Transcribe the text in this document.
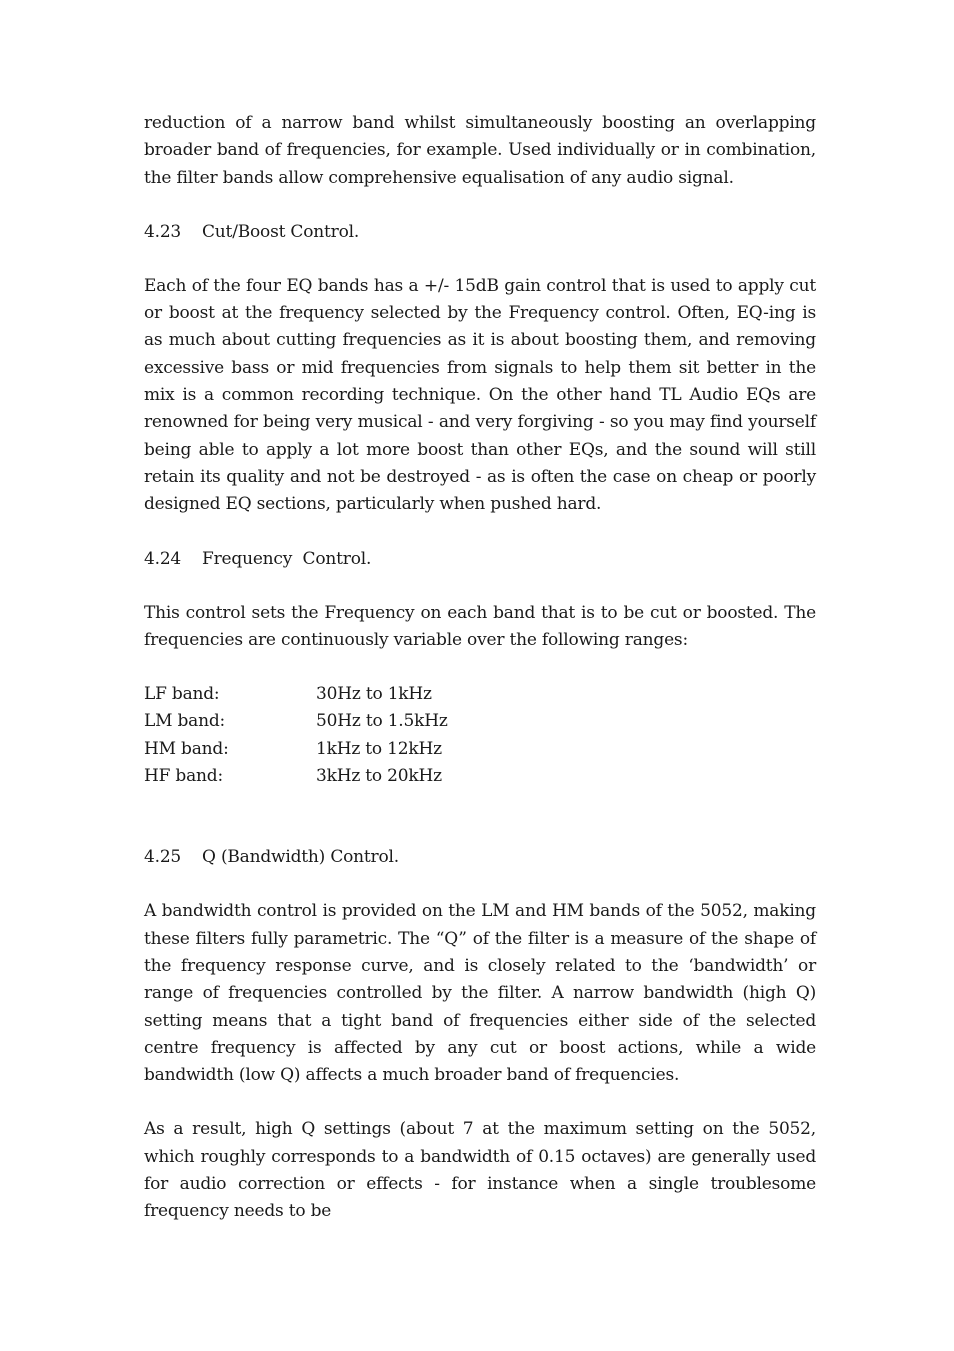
reduction of a narrow band whilst simultaneously boosting an overlapping broader band of frequencies, for example. Used individually or in combination, the filter bands allow comprehensive equalisation of any audio signal.

4.23 Cut/Boost Control.

Each of the four EQ bands has a +/- 15dB gain control that is used to apply cut or boost at the frequency selected by the Frequency control. Often, EQ-ing is as much about cutting frequencies as it is about boosting them, and removing excessive bass or mid frequencies from signals to help them sit better in the mix is a common recording technique. On the other hand TL Audio EQs are renowned for being very musical - and very forgiving - so you may find yourself being able to apply a lot more boost than other EQs, and the sound will still retain its quality and not be destroyed - as is often the case on cheap or poorly designed EQ sections, particularly when pushed hard.

4.24 Frequency  Control.

This control sets the Frequency on each band that is to be cut or boosted. The frequencies are continuously variable over the following ranges:

LF band:	30Hz to 1kHz
LM band:	50Hz to 1.5kHz
HM band:	1kHz to 12kHz
HF band:	3kHz to 20kHz

4.25 Q (Bandwidth) Control.

A bandwidth control is provided on the LM and HM bands of the 5052, making these filters fully parametric. The “Q” of the filter is a measure of the shape of the frequency response curve, and is closely related to the ‘bandwidth’ or range of frequencies controlled by the filter. A narrow bandwidth (high Q) setting means that a tight band of frequencies either side of the selected centre frequency is affected by any cut or boost actions, while a wide bandwidth (low Q) affects a much broader band of frequencies.

As a result, high Q settings (about 7 at the maximum setting on the 5052, which roughly corresponds to a bandwidth of 0.15 octaves) are generally used for audio correction or effects - for instance when a single troublesome frequency needs to be
